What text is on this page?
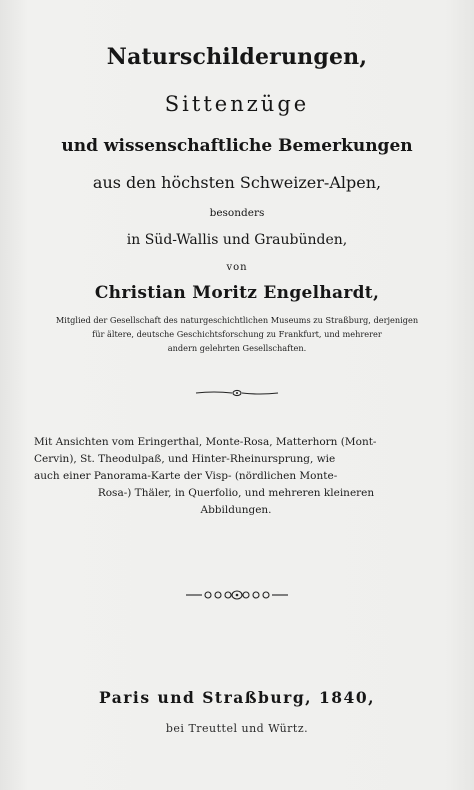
Naturschilderungen,
Sittenzüge
und wissenschaftliche Bemerkungen
aus den höchsten Schweizer-Alpen,
besonders
in Süd-Wallis und Graubünden,
von
Christian Moritz Engelhardt,
Mitglied der Gesellschaft des naturgeschichtlichen Museums zu Straßburg, derjenigen
für ältere, deutsche Geschichtsforschung zu Frankfurt, und mehrerer
andern gelehrten Gesellschaften.
Mit Ansichten vom Eringerthal, Monte-Rosa, Matterhorn (Mont-
Cervin), St. Theodulpaß, und Hinter-Rheinursprung, wie
auch einer Panorama-Karte der Visp- (nördlichen Monte-
Rosa-) Thäler, in Querfolio, und mehreren kleineren
Abbildungen.
Paris und Straßburg, 1840,
bei Treuttel und Würtz.
